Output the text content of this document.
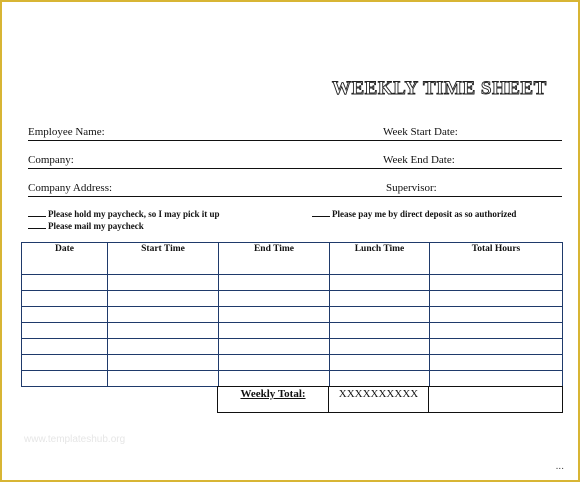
WEEKLY TIME SHEET
Employee Name:	Week Start Date:
Company:	Week End Date:
Company Address:	Supervisor:
Please hold my paycheck, so I may pick it up
Please mail my paycheck
Please pay me by direct deposit as so authorized
Date	Start Time	End Time	Lunch Time	Total Hours

Weekly Total:	XXXXXXXXXX	
www.templateshub.org
...
